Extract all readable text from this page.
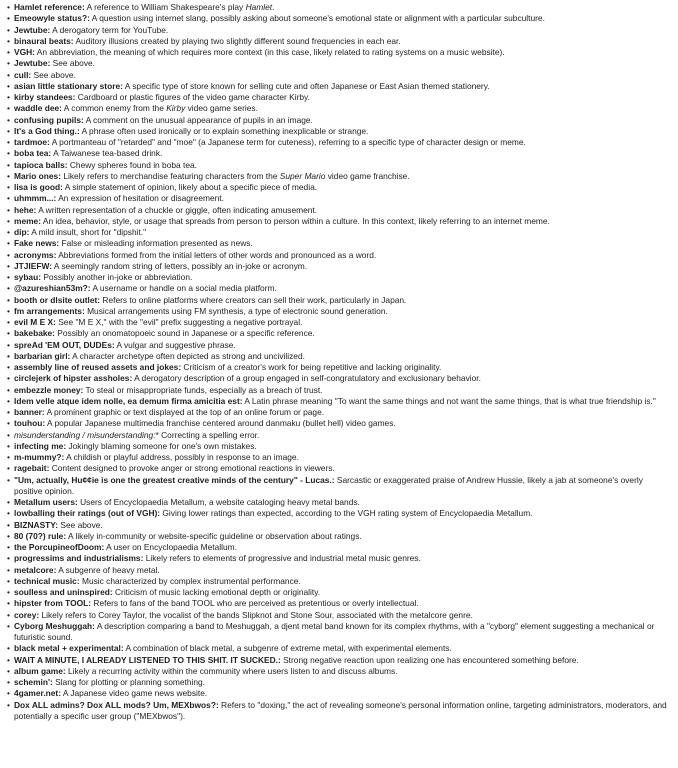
• Hamlet reference: A reference to William Shakespeare's play Hamlet.
• Emeowyle status?: A question using internet slang, possibly asking about someone's emotional state or alignment with a particular subculture.
• Jewtube: A derogatory term for YouTube.
• binaural beats: Auditory illusions created by playing two slightly different sound frequencies in each ear.
• VGH: An abbreviation, the meaning of which requires more context (in this case, likely related to rating systems on a music website).
• Jewtube: See above.
• cull: See above.
• asian little stationary store: A specific type of store known for selling cute and often Japanese or East Asian themed stationery.
• kirby standees: Cardboard or plastic figures of the video game character Kirby.
• waddle dee: A common enemy from the Kirby video game series.
• confusing pupils: A comment on the unusual appearance of pupils in an image.
• It's a God thing.: A phrase often used ironically or to explain something inexplicable or strange.
• tardmoe: A portmanteau of "retarded" and "moe" (a Japanese term for cuteness), referring to a specific type of character design or meme.
• boba tea: A Taiwanese tea-based drink.
• tapioca balls: Chewy spheres found in boba tea.
• Mario ones: Likely refers to merchandise featuring characters from the Super Mario video game franchise.
• lisa is good: A simple statement of opinion, likely about a specific piece of media.
• uhmmm...: An expression of hesitation or disagreement.
• hehe: A written representation of a chuckle or giggle, often indicating amusement.
• meme: An idea, behavior, style, or usage that spreads from person to person within a culture. In this context, likely referring to an internet meme.
• dip: A mild insult, short for "dipshit."
• Fake news: False or misleading information presented as news.
• acronyms: Abbreviations formed from the initial letters of other words and pronounced as a word.
• JTJIEFW: A seemingly random string of letters, possibly an in-joke or acronym.
• sybau: Possibly another in-joke or abbreviation.
• @azureshian53m?: A username or handle on a social media platform.
• booth or dlsite outlet: Refers to online platforms where creators can sell their work, particularly in Japan.
• fm arrangements: Musical arrangements using FM synthesis, a type of electronic sound generation.
• evil M E X: See "M E X," with the "evil" prefix suggesting a negative portrayal.
• bakebake: Possibly an onomatopoeic sound in Japanese or a specific reference.
• spreAd 'EM OUT, DUDEs: A vulgar and suggestive phrase.
• barbarian girl: A character archetype often depicted as strong and uncivilized.
• assembly line of reused assets and jokes: Criticism of a creator's work for being repetitive and lacking originality.
• circlejerk of hipster assholes: A derogatory description of a group engaged in self-congratulatory and exclusionary behavior.
• embezzle money: To steal or misappropriate funds, especially as a breach of trust.
• Idem velle atque idem nolle, ea demum firma amicitia est: A Latin phrase meaning "To want the same things and not want the same things, that is what true friendship is."
• banner: A prominent graphic or text displayed at the top of an online forum or page.
• touhou: A popular Japanese multimedia franchise centered around danmaku (bullet hell) video games.
• misunderstanding / misunderstanding:* Correcting a spelling error.
• infecting me: Jokingly blaming someone for one's own mistakes.
• m-mummy?: A childish or playful address, possibly in response to an image.
• ragebait: Content designed to provoke anger or strong emotional reactions in viewers.
• "Um, actually, Hu¢¢ie is one the greatest creative minds of the century" - Lucas.: Sarcastic or exaggerated praise of Andrew Hussie, likely a jab at someone's overly positive opinion.
• Metallum users: Users of Encyclopaedia Metallum, a website cataloging heavy metal bands.
• lowballing their ratings (out of VGH): Giving lower ratings than expected, according to the VGH rating system of Encyclopaedia Metallum.
• BIZNASTY: See above.
• 80 (70?) rule: A likely in-community or website-specific guideline or observation about ratings.
• the PorcupineofDoom: A user on Encyclopaedia Metallum.
• progressims and industrialisms: Likely refers to elements of progressive and industrial metal music genres.
• metalcore: A subgenre of heavy metal.
• technical music: Music characterized by complex instrumental performance.
• soulless and uninspired: Criticism of music lacking emotional depth or originality.
• hipster from TOOL: Refers to fans of the band TOOL who are perceived as pretentious or overly intellectual.
• corey: Likely refers to Corey Taylor, the vocalist of the bands Slipknot and Stone Sour, associated with the metalcore genre.
• Cyborg Meshuggah: A description comparing a band to Meshuggah, a djent metal band known for its complex rhythms, with a "cyborg" element suggesting a mechanical or futuristic sound.
• black metal + experimental: A combination of black metal, a subgenre of extreme metal, with experimental elements.
• WAIT A MINUTE, I ALREADY LISTENED TO THIS SHIT. IT SUCKED.: Strong negative reaction upon realizing one has encountered something before.
• album game: Likely a recurring activity within the community where users listen to and discuss albums.
• schemin': Slang for plotting or planning something.
• 4gamer.net: A Japanese video game news website.
• Dox ALL admins? Dox ALL mods? Um, MEXbwos?: Refers to "doxing," the act of revealing someone's personal information online, targeting administrators, moderators, and potentially a specific user group ("MEXbwos").
